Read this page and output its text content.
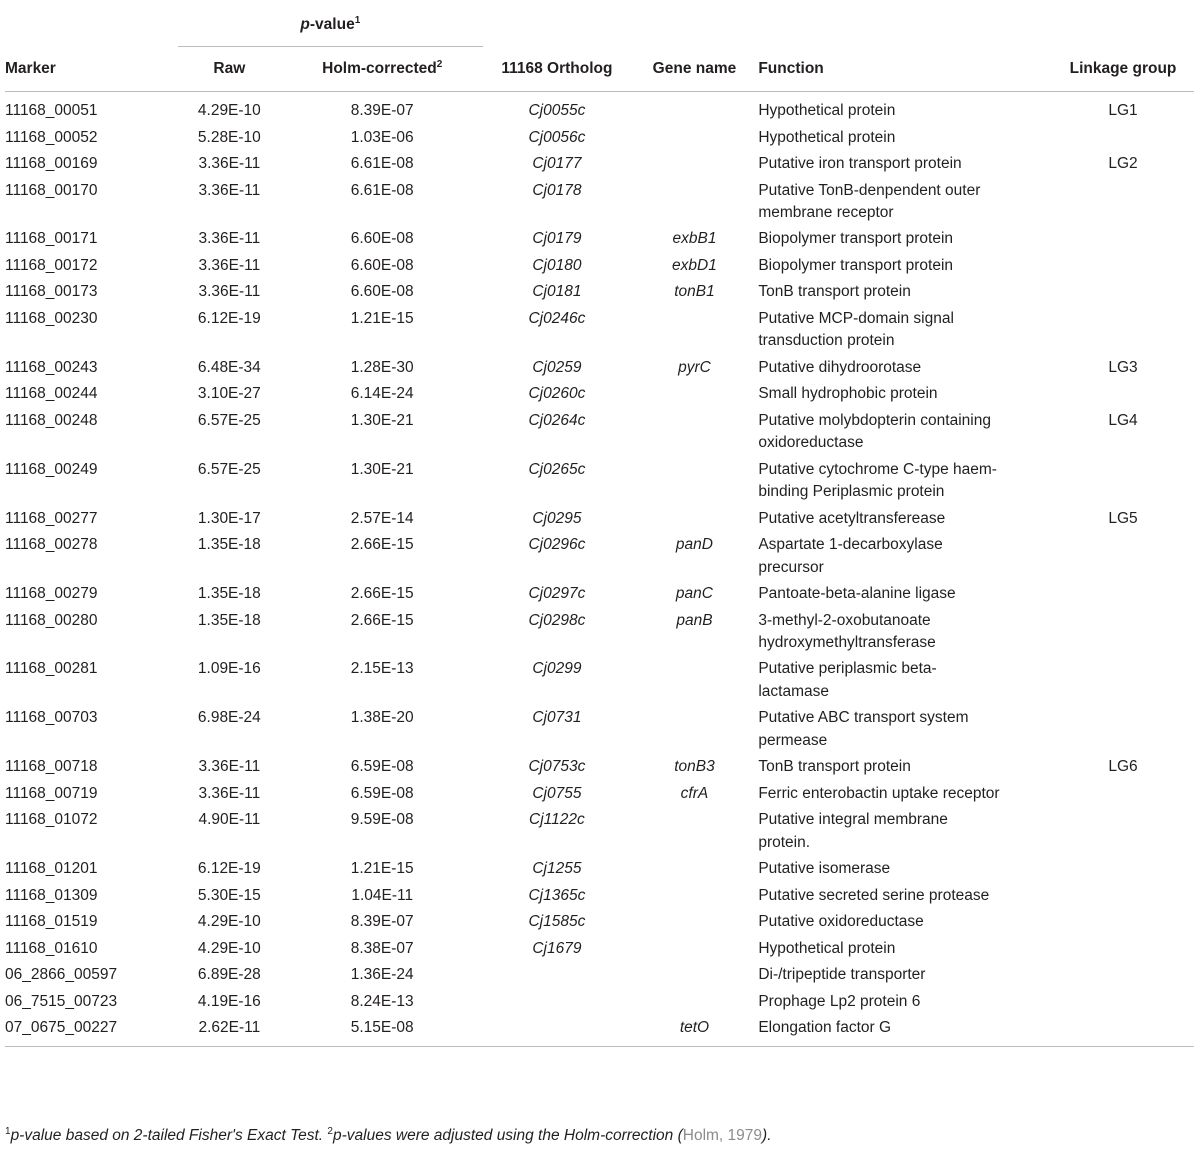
	p-value$^1$

Marker	Raw	Holm-corrected$^2$	11168 Ortholog	Gene name	Function	Linkage group
11168_00051	4.29E-10	8.39E-07	Cj0055c		Hypothetical protein	LG1
11168_00052	5.28E-10	1.03E-06	Cj0056c		Hypothetical protein	
11168_00169	3.36E-11	6.61E-08	Cj0177		Putative iron transport protein	LG2
11168_00170	3.36E-11	6.61E-08	Cj0178		Putative TonB-denpendent outer membrane receptor	
11168_00171	3.36E-11	6.60E-08	Cj0179	exbB1	Biopolymer transport protein	
11168_00172	3.36E-11	6.60E-08	Cj0180	exbD1	Biopolymer transport protein	
11168_00173	3.36E-11	6.60E-08	Cj0181	tonB1	TonB transport protein	
11168_00230	6.12E-19	1.21E-15	Cj0246c		Putative MCP-domain signal transduction protein	
11168_00243	6.48E-34	1.28E-30	Cj0259	pyrC	Putative dihydroorotase	LG3
11168_00244	3.10E-27	6.14E-24	Cj0260c		Small hydrophobic protein	
11168_00248	6.57E-25	1.30E-21	Cj0264c		Putative molybdopterin containing oxidoreductase	LG4
11168_00249	6.57E-25	1.30E-21	Cj0265c		Putative cytochrome C-type haem-binding Periplasmic protein	
11168_00277	1.30E-17	2.57E-14	Cj0295		Putative acetyltransferease	LG5
11168_00278	1.35E-18	2.66E-15	Cj0296c	panD	Aspartate 1-decarboxylase precursor	
11168_00279	1.35E-18	2.66E-15	Cj0297c	panC	Pantoate-beta-alanine ligase	
11168_00280	1.35E-18	2.66E-15	Cj0298c	panB	3-methyl-2-oxobutanoate hydroxymethyltransferase	
11168_00281	1.09E-16	2.15E-13	Cj0299		Putative periplasmic beta-lactamase	
11168_00703	6.98E-24	1.38E-20	Cj0731		Putative ABC transport system permease	
11168_00718	3.36E-11	6.59E-08	Cj0753c	tonB3	TonB transport protein	LG6
11168_00719	3.36E-11	6.59E-08	Cj0755	cfrA	Ferric enterobactin uptake receptor	
11168_01072	4.90E-11	9.59E-08	Cj1122c		Putative integral membrane protein.	
11168_01201	6.12E-19	1.21E-15	Cj1255		Putative isomerase	
11168_01309	5.30E-15	1.04E-11	Cj1365c		Putative secreted serine protease	
11168_01519	4.29E-10	8.39E-07	Cj1585c		Putative oxidoreductase	
11168_01610	4.29E-10	8.38E-07	Cj1679		Hypothetical protein	
06_2866_00597	6.89E-28	1.36E-24			Di-/tripeptide transporter	
06_7515_00723	4.19E-16	8.24E-13			Prophage Lp2 protein 6	
07_0675_00227	2.62E-11	5.15E-08		tetO	Elongation factor G	
$^1$p-value based on 2-tailed Fisher's Exact Test. $^2$p-values were adjusted using the Holm-correction (Holm, 1979).
